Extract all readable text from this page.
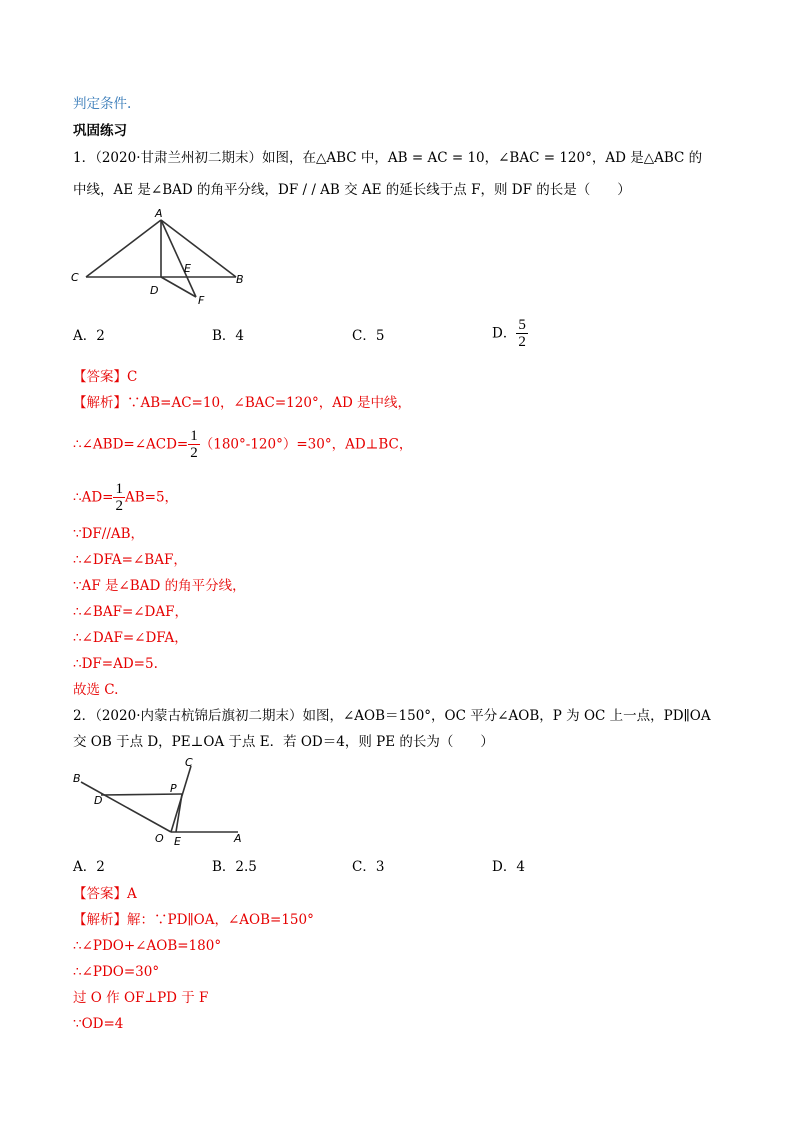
判定条件.
巩固练习
1．（2020·甘肃兰州初二期末）如图，在△ABC 中，AB = AC = 10，∠BAC = 120°，AD 是△ABC 的
中线，AE 是∠BAD 的角平分线，DF / / AB 交 AE 的延长线于点 F，则 DF 的长是（　　）
A
C	B
E
D
F
A．2	B．4	C．5	D． $\frac{5}{2}$
【答案】C
【解析】∵AB=AC=10，∠BAC=120°，AD 是中线，
∴∠ABD=∠ACD= $\frac{1}{2} (180^\circ-120^\circ)=30^\circ$，AD⊥BC，
∴AD= $\frac{1}{2} AB=5$，
∵DF//AB，
∴∠DFA=∠BAF，
∵AF 是∠BAD 的角平分线，
∴∠BAF=∠DAF，
∴∠DAF=∠DFA，
∴DF=AD=5.
故选 C.
2．（2020·内蒙古杭锦后旗初二期末）如图，∠AOB＝150°，OC 平分∠AOB，P 为 OC 上一点，PD∥OA
交 OB 于点 D，PE⊥OA 于点 E．若 OD＝4，则 PE 的长为（　　）
B
D
C
P
O E	A
A．2	B．2.5	C．3	D．4
【答案】A
【解析】解：∵PD∥OA，∠AOB=150°
∴∠PDO+∠AOB=180°
∴∠PDO=30°
过 O 作 OF⊥PD 于 F
∵OD=4
